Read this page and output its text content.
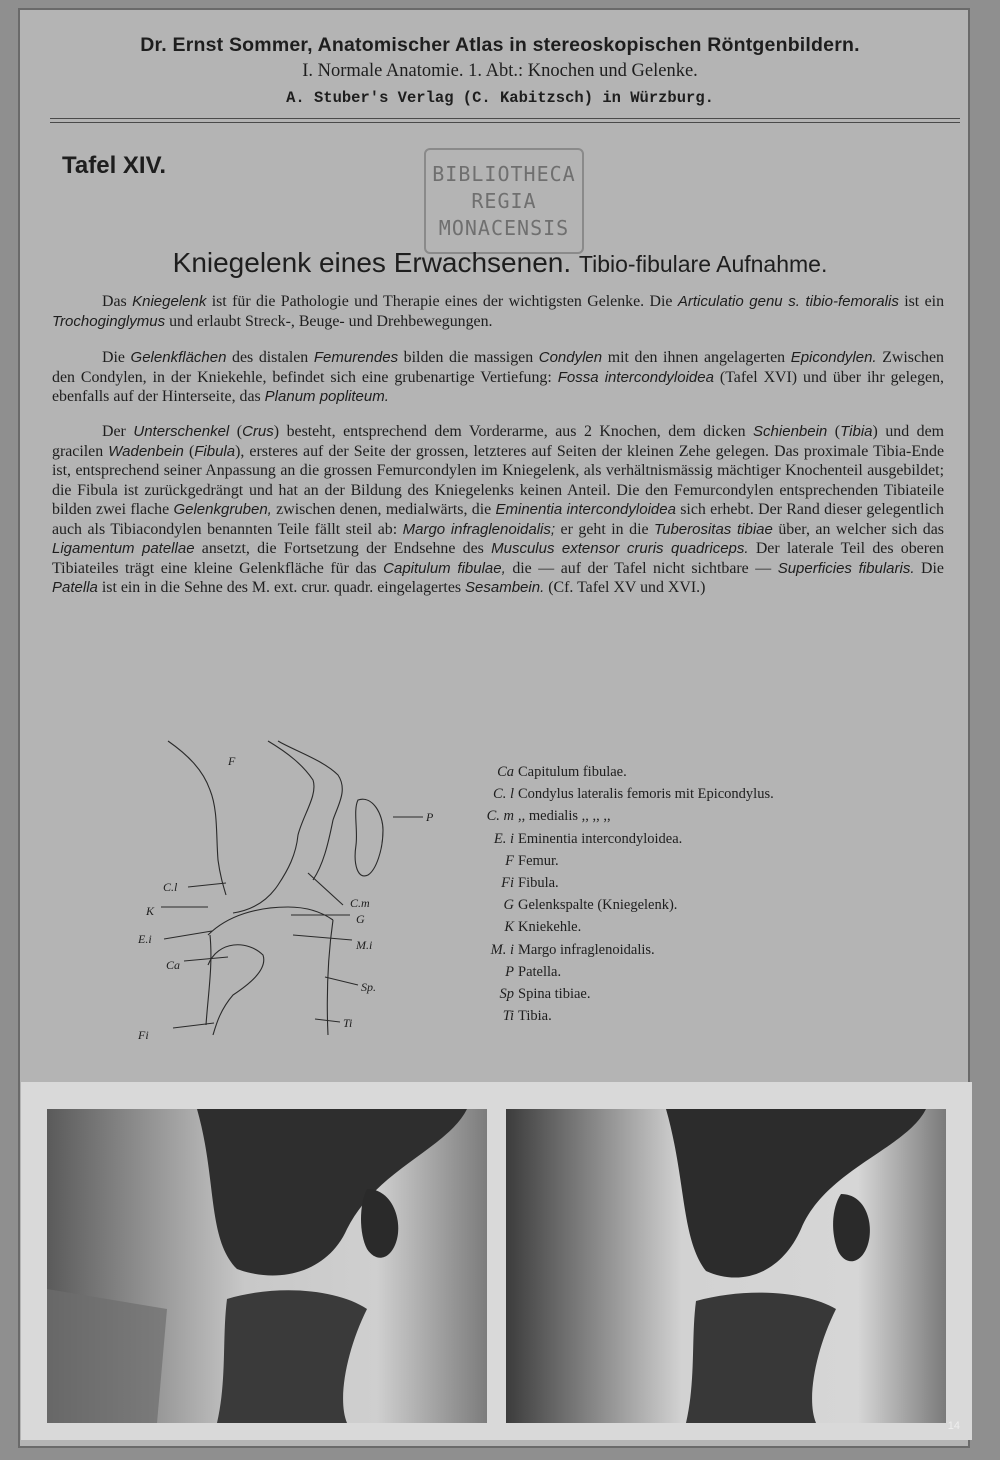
Dr. Ernst Sommer, Anatomischer Atlas in stereoskopischen Röntgenbildern.
I. Normale Anatomie. 1. Abt.: Knochen und Gelenke.
A. Stuber's Verlag (C. Kabitzsch) in Würzburg.
Tafel XIV.	BIBLIOTHECA
REGIA
MONACENSIS
Kniegelenk eines Erwachsenen. Tibio-fibulare Aufnahme.

Das Kniegelenk ist für die Pathologie und Therapie eines der wichtigsten Gelenke. Die Articulatio genu s. tibio-femoralis ist ein Trochoginglymus und erlaubt Streck-, Beuge- und Drehbewegungen.

Die Gelenkflächen des distalen Femurendes bilden die massigen Condylen mit den ihnen angelagerten Epicondylen. Zwischen den Condylen, in der Kniekehle, befindet sich eine grubenartige Vertiefung: Fossa intercondyloidea (Tafel XVI) und über ihr gelegen, ebenfalls auf der Hinterseite, das Planum popliteum.

Der Unterschenkel (Crus) besteht, entsprechend dem Vorderarme, aus 2 Knochen, dem dicken Schienbein (Tibia) und dem gracilen Wadenbein (Fibula), ersteres auf der Seite der grossen, letzteres auf Seiten der kleinen Zehe gelegen. Das proximale Tibia-Ende ist, entsprechend seiner Anpassung an die grossen Femurcondylen im Kniegelenk, als verhältnismässig mächtiger Knochenteil ausgebildet; die Fibula ist zurückgedrängt und hat an der Bildung des Kniegelenks keinen Anteil. Die den Femurcondylen entsprechenden Tibiateile bilden zwei flache Gelenkgruben, zwischen denen, medialwärts, die Eminentia intercondyloidea sich erhebt. Der Rand dieser gelegentlich auch als Tibiacondylen benannten Teile fällt steil ab: Margo infraglenoidalis; er geht in die Tuberositas tibiae über, an welcher sich das Ligamentum patellae ansetzt, die Fortsetzung der Endsehne des Musculus extensor cruris quadriceps. Der laterale Teil des oberen Tibiateiles trägt eine kleine Gelenkfläche für das Capitulum fibulae, die — auf der Tafel nicht sichtbare — Superficies fibularis. Die Patella ist ein in die Sehne des M. ext. crur. quadr. eingelagertes Sesambein. (Cf. Tafel XV und XVI.)

F
P
C.l
C.m
G
K
E.i	M.i
Ca
Sp.
Ti
Fi
Ca Capitulum fibulae.
C. l Condylus lateralis femoris mit Epicondylus.
C. m ,, medialis ,, ,, ,,
E. i Eminentia intercondyloidea.
F Femur.
Fi Fibula.
G Gelenkspalte (Kniegelenk).
K Kniekehle.
M. i Margo infraglenoidalis.
P Patella.
Sp Spina tibiae.
Ti Tibia.
14
